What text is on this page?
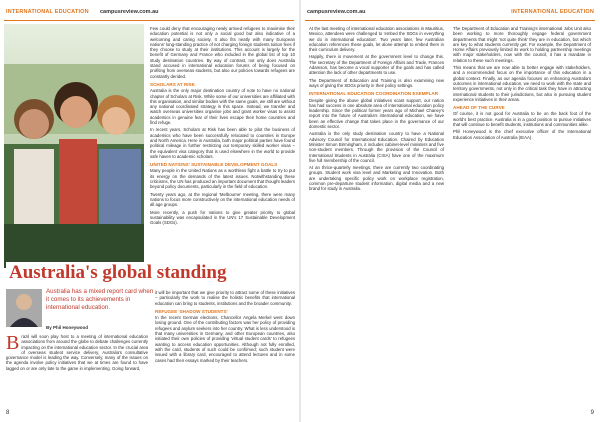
INTERNATIONAL EDUCATION campusreview.com.au

Few could deny that encouraging newly arrived refugees to maximise their education potential is not only a social good but also indicative of a welcoming and caring society. It also fits neatly with many European nations' long-standing practice of not charging foreign students tuition fees if they choose to study at their institutions. This account is largely for the benefit of Germany and France who included in the global list of top 10 study destination countries. By way of contrast, not only does Australia stand accused in international education forums of being focused on profiting from overseas students, but also our policies towards refugees are constantly derided.

SCHOLARS AT RISK

Australia is the only major destination country of note to have no national chapter of Scholars at Risk. While some of our universities are affiliated with this organisation, and similar bodies with the same goals, we still are without any national coordinated strategy in this space. Instead, we transfer and watch overseas universities organise jobs and grant worker visas to assist academics in genuine fear of their lives escape their home countries and find refuge.

In recent years, Scholars at Risk has been able to pilot the business of academics who have been successfully relocated to countries in Europe and North America. Here in Australia, both major political parties have found political mileage in further restricting our temporary skilled worker visas – the equivalent visa category that is used elsewhere in the world to provide safe haven to academic scholars.

UNITED NATIONS' SUSTAINABLE DEVELOPMENT GOALS

Many people in the United Nations as a worthless fight a battle to try to put its energy on the demands of the latest issues. Notwithstanding these criticisms, the UN has produced an important document that thought leaders beyond policy documents, particularly in the field of education.

Twenty years ago, at the regional 'Melbourne' meeting, there were many nations to focus more constructively on the international education needs of all age groups.

More recently, a push for nations to give greater priority to global sustainability was encapsulated in the UN's 17 Sustainable Development Goals (SDGs).

Australia's global standing
Australia has a mixed report card when it comes to its achievements in international education.
By Phil Honeywood
B razil will soon play host to a meeting of international education associations from around the globe to debate challenges currently impacting on the international education sector. In the crucial area of overseas student service delivery, Australia's consultative governance model is leading the way. Conversely, many of the issues on the agenda involve policy initiatives that we at times are found to have lagged on or are only late to the game in implementing. Going forward,

it will be important that we give priority to attract some of these initiatives – particularly the work to realise the holistic benefits that international education can bring to students, institutions and the broader community.

REFUGEE 'SHADOW STUDENTS'

In the recent German elections, Chancellor Angela Merkel went down losing ground. One of the contributing factors was her policy of providing refugees and asylum seekers into her country. What is less understood is that many universities in Germany, and other European countries, also initiated their own policies of providing 'virtual student cards' to refugees wanting to access education opportunities. Although not fully enrolled, with the card, students of such could be confirmed; such student were issued with a library card, encouraged to attend lectures and in some cases had their essays marked by their teachers.

8
campusreview.com.au	INTERNATIONAL EDUCATION

At the last meeting of international education associations in Mauritius, Mexico, attendees were challenged to 'embed the SDGs in everything we do in international education'. Two years later, few Australian education references these goals, let alone attempt to embed them in their curriculum delivery.

Happily, there is movement at the government level to change this. The secretary of the Department of Foreign Affairs and Trade, Frances Adamson, has become a vocal supporter of the goals and has called attention the lack of other departments to use.

The Department of Education and Training is also examining new ways of giving the SDGs priority in their policy settings.

INTERNATIONAL EDUCATION COORDINATION EXEMPLAR

Despite giving the above global initiatives scant support, our nation has had success in one absolute area of international education policy leadership. Since the political former years ago of Michael Chaney's report into the future of Australia's international education, we have been an effective change that takes place in the governance of our domestic sector.

Australia is the only study destination country to have a National Advisory Council for International Education. Chaired by Education Minister Simon Birmingham, it includes cabinet-level ministers and five non-student members. Through the provision of the Council of International Students in Australia (CISA) have one of the maximum five full membership of the council.

At an thrice-quarterly meetings, there are currently two coordinating groups. Student work visa level and Marketing and Innovation. Both are undertaking specific policy work on workplace registration, common pre-departure student information, digital media and a new brand for study in Australia.

The Department of Education and Training's international Jobs Unit also been working to more thoroughly engage federal government departments that might 'not quite think' they are in education, but which are key to what students currently get. For example, the Department of Home Affairs previously limited its work to holding partnership meetings with major stakeholders, now with the council, it has a mandate in relation to these such meetings.

This means that we are now able to better engage with stakeholders, and a recommended focus on the importance of this education in a global context. Finally, as our agenda focuses on enhancing Australia's outcomes in international education, we need to work with the state and territory governments, not only in the critical task they have in attracting international students to their jurisdictions, but also in pursuing student experience initiatives in their areas.

AHEAD OF THE CURVE

Of course, it is not good for Australia to be on the back foot of the world's best practice. Australia is in a good position to pursue initiatives that will continue to benefit students, institutions and communities alike.

Phil Honeywood is the chief executive officer of the International Education Association of Australia (IEAA).

9
